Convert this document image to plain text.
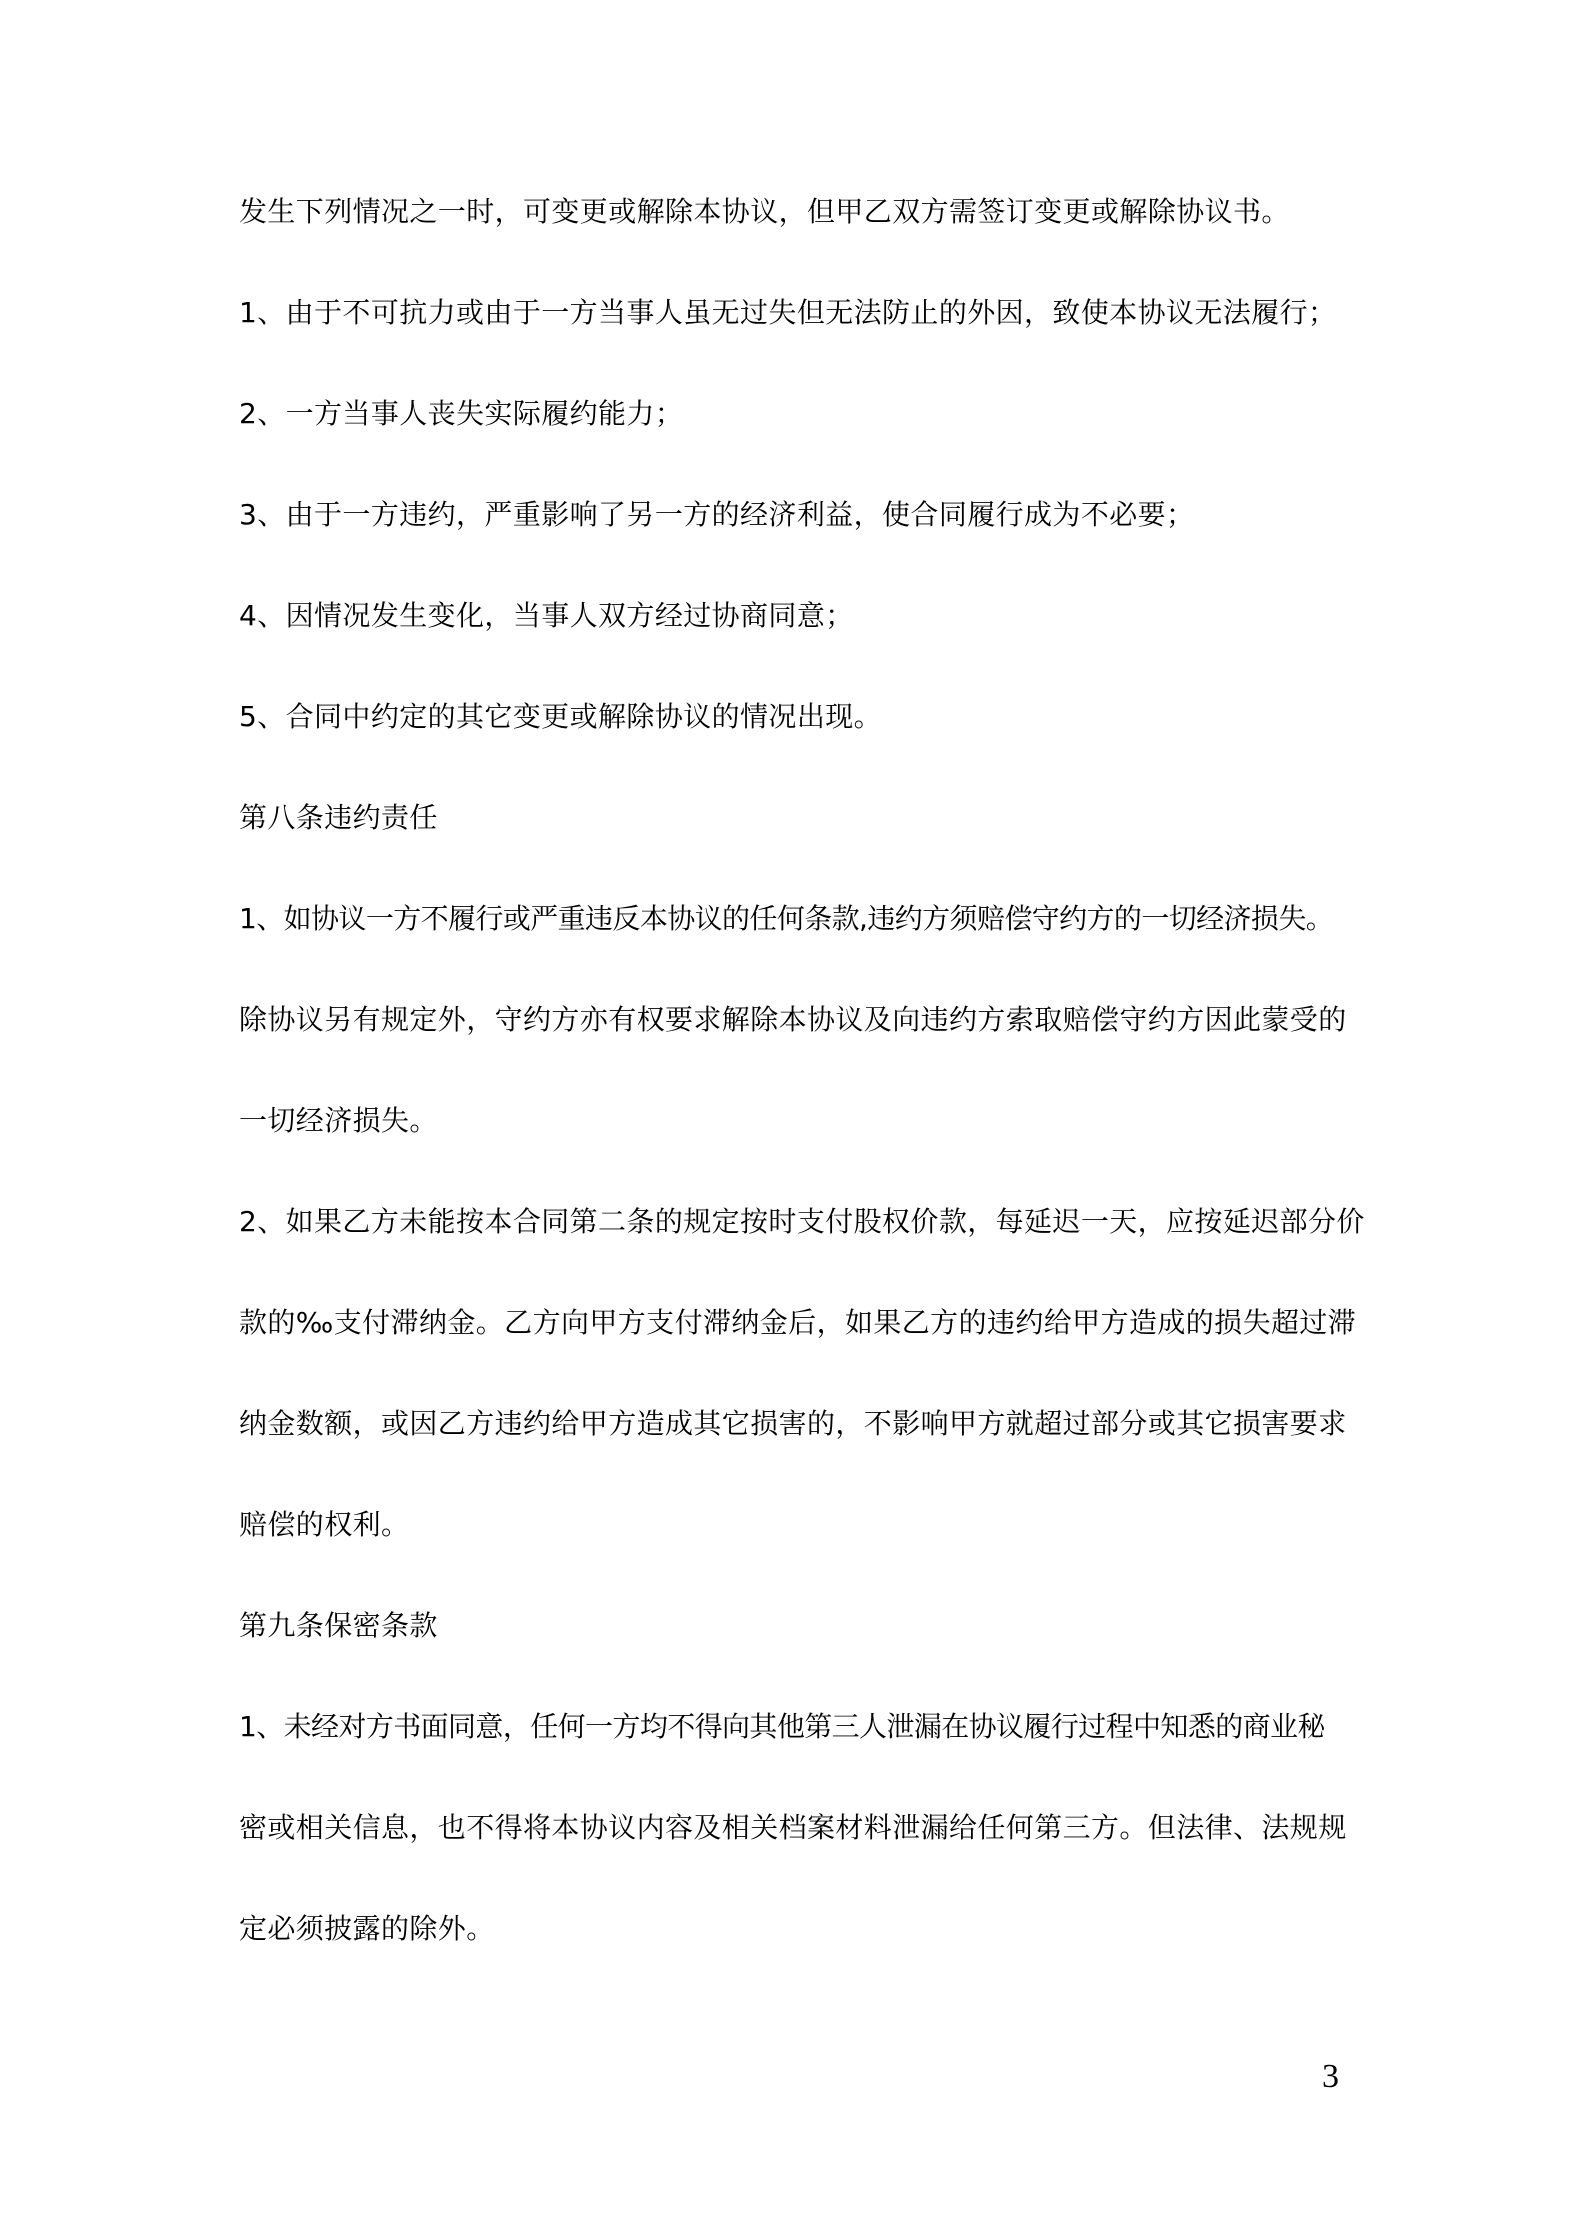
发生下列情况之一时，可变更或解除本协议，但甲乙双方需签订变更或解除协议书。
1、由于不可抗力或由于一方当事人虽无过失但无法防止的外因，致使本协议无法履行；
2、一方当事人丧失实际履约能力；
3、由于一方违约，严重影响了另一方的经济利益，使合同履行成为不必要；
4、因情况发生变化，当事人双方经过协商同意；
5、合同中约定的其它变更或解除协议的情况出现。
第八条违约责任
1、如协议一方不履行或严重违反本协议的任何条款,违约方须赔偿守约方的一切经济损失。
除协议另有规定外，守约方亦有权要求解除本协议及向违约方索取赔偿守约方因此蒙受的
一切经济损失。
2、如果乙方未能按本合同第二条的规定按时支付股权价款，每延迟一天，应按延迟部分价
款的‰支付滞纳金。乙方向甲方支付滞纳金后，如果乙方的违约给甲方造成的损失超过滞
纳金数额，或因乙方违约给甲方造成其它损害的，不影响甲方就超过部分或其它损害要求
赔偿的权利。
第九条保密条款
1、未经对方书面同意，任何一方均不得向其他第三人泄漏在协议履行过程中知悉的商业秘
密或相关信息，也不得将本协议内容及相关档案材料泄漏给任何第三方。但法律、法规规
定必须披露的除外。
3
